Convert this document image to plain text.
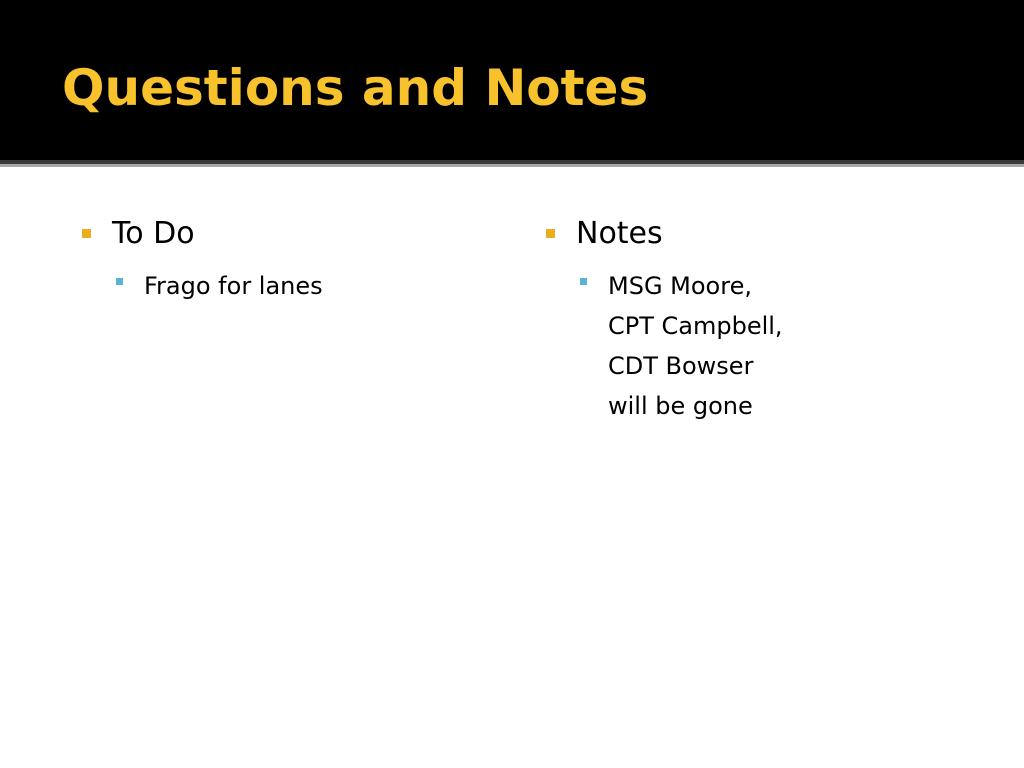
Questions and Notes
To Do
Frago for lanes
Notes
MSG Moore,
CPT Campbell,
CDT Bowser
will be gone
